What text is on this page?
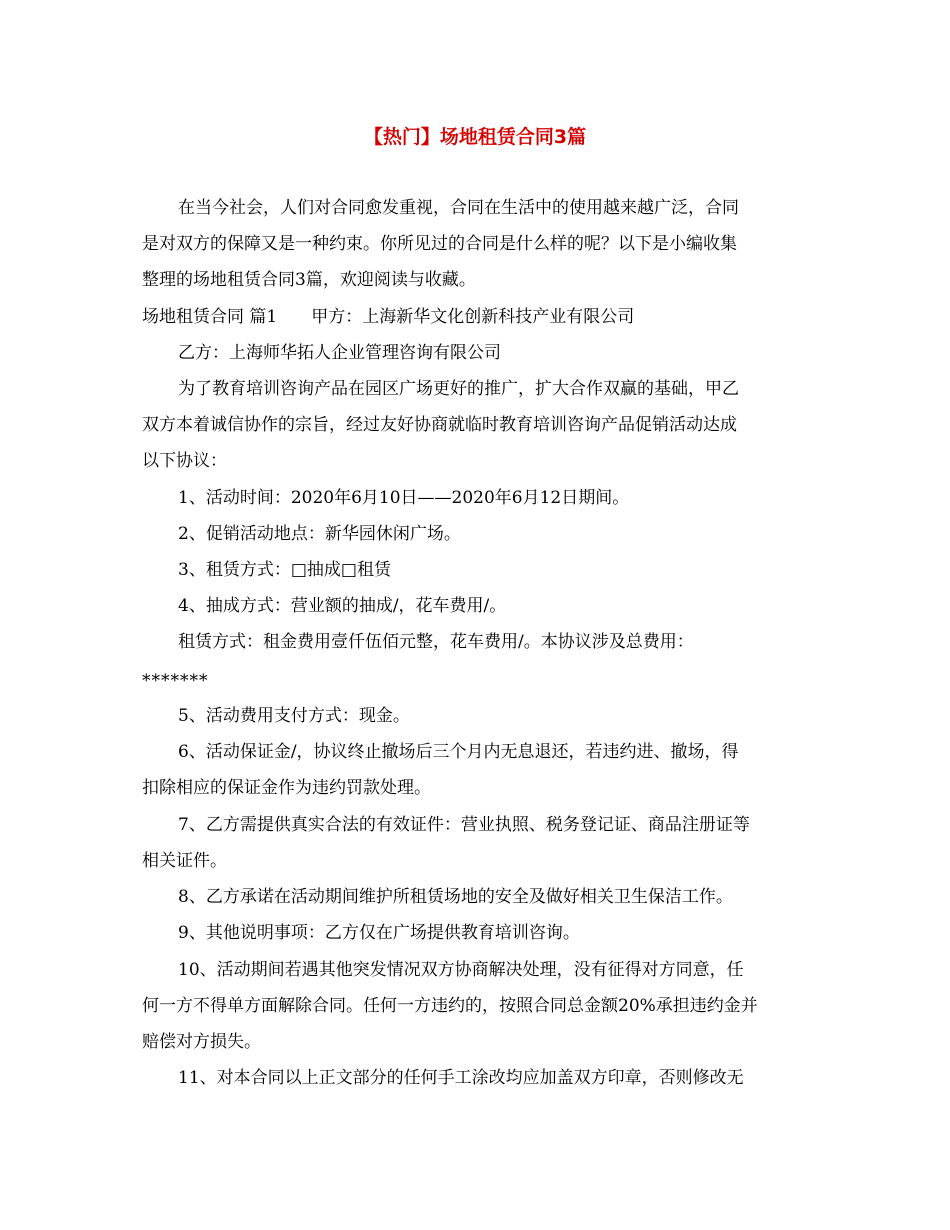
【热门】场地租赁合同3篇
在当今社会，人们对合同愈发重视，合同在生活中的使用越来越广泛，合同
是对双方的保障又是一种约束。你所见过的合同是什么样的呢？以下是小编收集
整理的场地租赁合同3篇，欢迎阅读与收藏。
场地租赁合同 篇1　　甲方：上海新华文化创新科技产业有限公司
乙方：上海师华拓人企业管理咨询有限公司
为了教育培训咨询产品在园区广场更好的推广，扩大合作双赢的基础，甲乙
双方本着诚信协作的宗旨，经过友好协商就临时教育培训咨询产品促销活动达成
以下协议：
1、活动时间：2020年6月10日——2020年6月12日期间。
2、促销活动地点：新华园休闲广场。
3、租赁方式：□抽成□租赁
4、抽成方式：营业额的抽成/，花车费用/。
租赁方式：租金费用壹仟伍佰元整，花车费用/。本协议涉及总费用：
*******
5、活动费用支付方式：现金。
6、活动保证金/，协议终止撤场后三个月内无息退还，若违约进、撤场，得
扣除相应的保证金作为违约罚款处理。
7、乙方需提供真实合法的有效证件：营业执照、税务登记证、商品注册证等
相关证件。
8、乙方承诺在活动期间维护所租赁场地的安全及做好相关卫生保洁工作。
9、其他说明事项：乙方仅在广场提供教育培训咨询。
10、活动期间若遇其他突发情况双方协商解决处理，没有征得对方同意，任
何一方不得单方面解除合同。任何一方违约的，按照合同总金额20%承担违约金并
赔偿对方损失。
11、对本合同以上正文部分的任何手工涂改均应加盖双方印章，否则修改无
